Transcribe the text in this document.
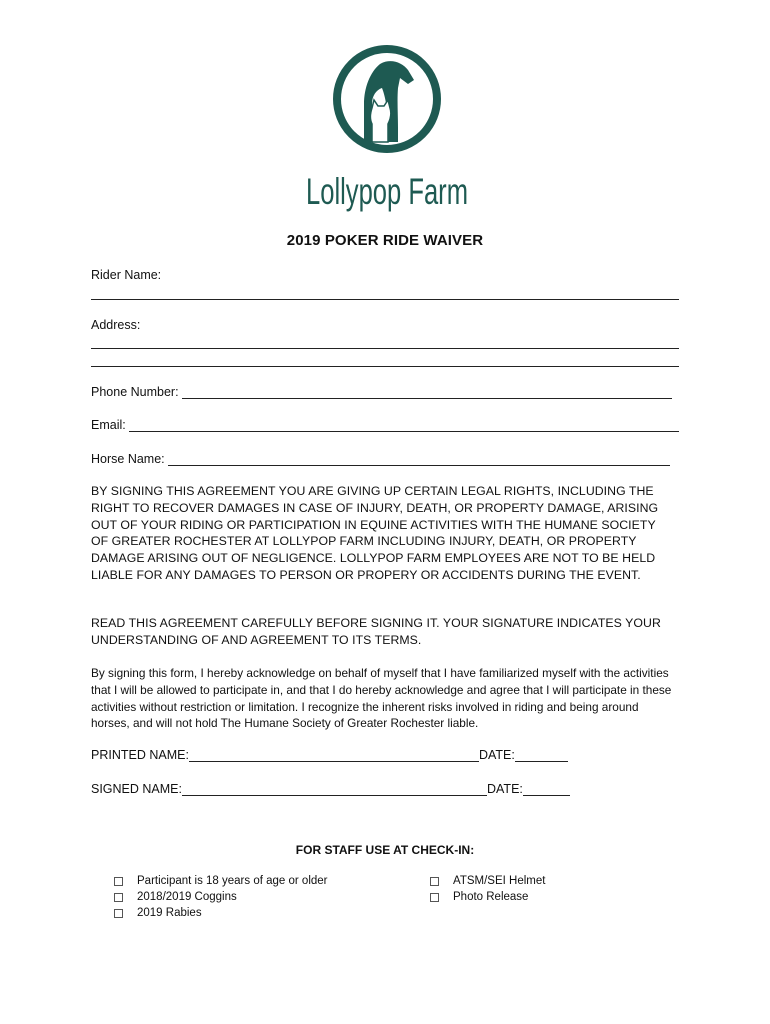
Lollypop Farm
2019 POKER RIDE WAIVER
Rider Name:
Address:
Phone Number:
Email:
Horse Name:
BY SIGNING THIS AGREEMENT YOU ARE GIVING UP CERTAIN LEGAL RIGHTS, INCLUDING THE RIGHT TO RECOVER DAMAGES IN CASE OF INJURY, DEATH, OR PROPERTY DAMAGE, ARISING OUT OF YOUR RIDING OR PARTICIPATION IN EQUINE ACTIVITIES WITH THE HUMANE SOCIETY OF GREATER ROCHESTER AT LOLLYPOP FARM INCLUDING INJURY, DEATH, OR PROPERTY DAMAGE ARISING OUT OF NEGLIGENCE. LOLLYPOP FARM EMPLOYEES ARE NOT TO BE HELD LIABLE FOR ANY DAMAGES TO PERSON OR PROPERY OR ACCIDENTS DURING THE EVENT.
READ THIS AGREEMENT CAREFULLY BEFORE SIGNING IT. YOUR SIGNATURE INDICATES YOUR UNDERSTANDING OF AND AGREEMENT TO ITS TERMS.
By signing this form, I hereby acknowledge on behalf of myself that I have familiarized myself with the activities that I will be allowed to participate in, and that I do hereby acknowledge and agree that I will participate in these activities without restriction or limitation. I recognize the inherent risks involved in riding and being around horses, and will not hold The Humane Society of Greater Rochester liable.
PRINTED NAME:	DATE:
SIGNED NAME:	DATE:
FOR STAFF USE AT CHECK-IN:
Participant is 18 years of age or older
2018/2019 Coggins
2019 Rabies
ATSM/SEI Helmet
Photo Release
